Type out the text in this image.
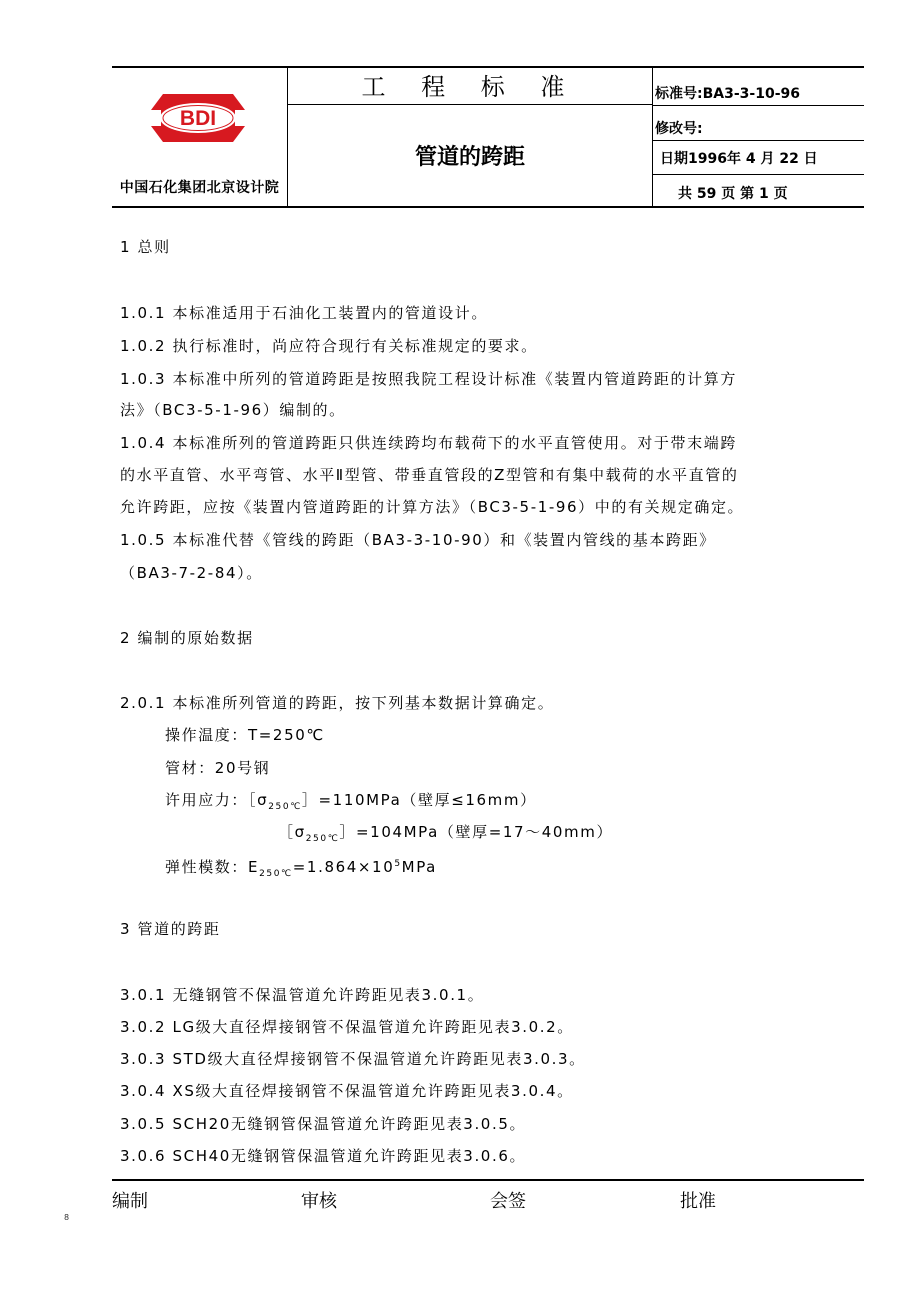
BDI
中国石化集团北京设计院
工 程 标 准
管道的跨距
标准号:BA3-3-10-96
修改号:
日期1996年 4 月 22 日
共 59 页 第 1 页
1 总则
1.0.1 本标准适用于石油化工装置内的管道设计。
1.0.2 执行标准时，尚应符合现行有关标准规定的要求。
1.0.3 本标准中所列的管道跨距是按照我院工程设计标准《装置内管道跨距的计算方
法》（BC3-5-1-96）编制的。
1.0.4 本标准所列的管道跨距只供连续跨均布载荷下的水平直管使用。对于带末端跨
的水平直管、水平弯管、水平Ⅱ型管、带垂直管段的Z型管和有集中载荷的水平直管的
允许跨距，应按《装置内管道跨距的计算方法》（BC3-5-1-96）中的有关规定确定。
1.0.5 本标准代替《管线的跨距（BA3-3-10-90）和《装置内管线的基本跨距》
（BA3-7-2-84）。
2 编制的原始数据
2.0.1 本标准所列管道的跨距，按下列基本数据计算确定。
操作温度：T=250℃
管材：20号钢
许用应力：$[\sigma_{250℃}]=110MPa$（壁厚≤16mm）
$[\sigma_{250℃}]=104MPa$（壁厚=17～40mm）
弹性模数：$E_{250℃}=1.864\times 10^5MPa$
3 管道的跨距
3.0.1 无缝钢管不保温管道允许跨距见表3.0.1。
3.0.2 LG级大直径焊接钢管不保温管道允许跨距见表3.0.2。
3.0.3 STD级大直径焊接钢管不保温管道允许跨距见表3.0.3。
3.0.4 XS级大直径焊接钢管不保温管道允许跨距见表3.0.4。
3.0.5 SCH20无缝钢管保温管道允许跨距见表3.0.5。
3.0.6 SCH40无缝钢管保温管道允许跨距见表3.0.6。
编制	审核	会签	批准
8
